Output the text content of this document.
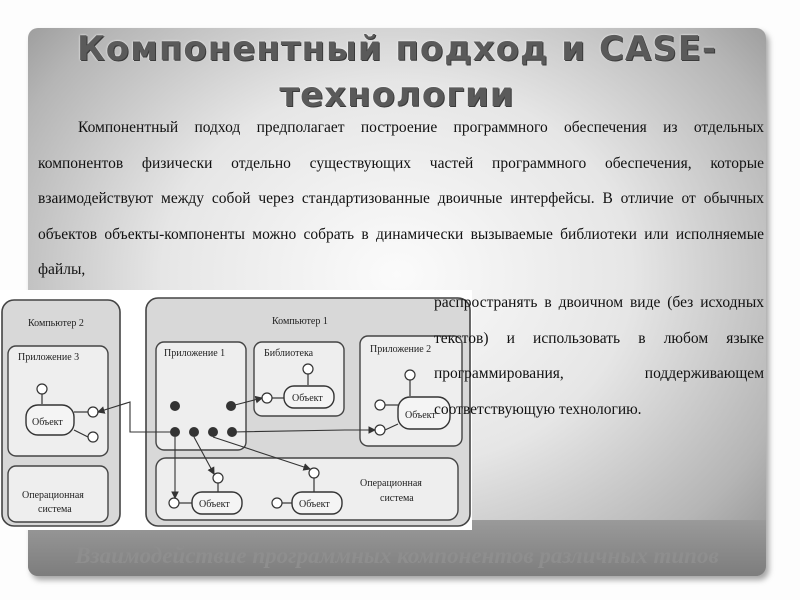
Компонентный подход и CASE-технологии

Компонентный подход предполагает построение программного обеспечения из отдельных компонентов физически отдельно существующих частей программного обеспечения, которые взаимодействуют между собой через стандартизованные двоичные интерфейсы. В отличие от обычных объектов объекты-компоненты можно собрать в динамически вызываемые библиотеки или исполняемые файлы,

Компьютер 2
Приложение 3
Операционная
система
Объект
Компьютер 1
Приложение 1	Библиотека
Объект
Приложение 2
Объект
Операционная
система
Объект	Объект

распространять в двоичном виде (без исходных текстов) и использовать в любом языке программирования, поддерживающем соответствующую технологию.

Взаимодействие программных компонентов различных типов
